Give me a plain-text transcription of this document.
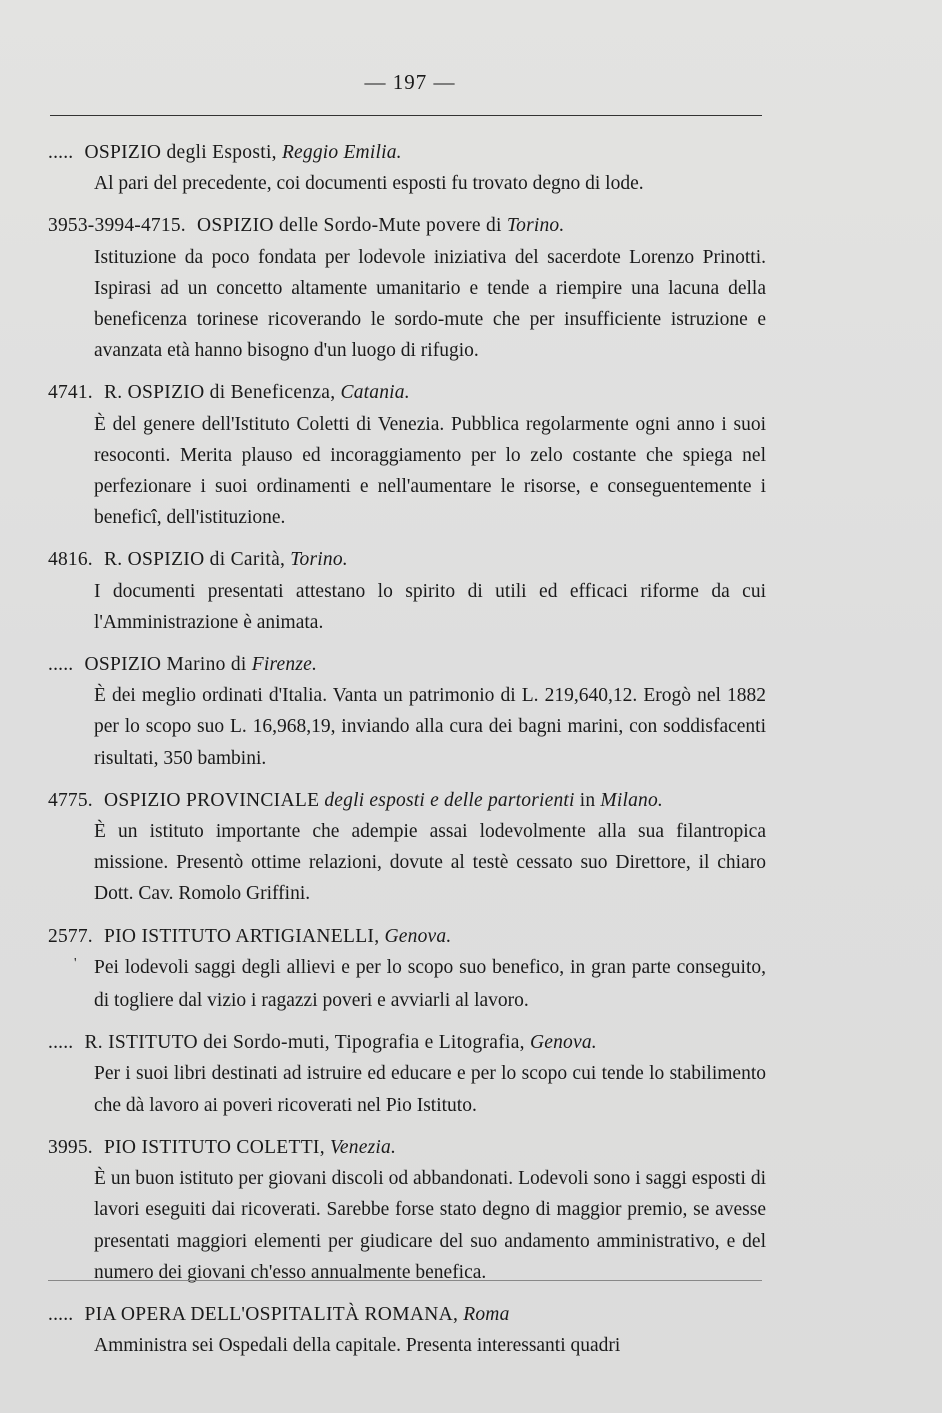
— 197 —
..... OSPIZIO degli Esposti, Reggio Emilia.
Al pari del precedente, coi documenti esposti fu trovato degno di lode.
3953-3994-4715. OSPIZIO delle Sordo-Mute povere di Torino.
Istituzione da poco fondata per lodevole iniziativa del sacerdote Lorenzo Prinotti. Ispirasi ad un concetto altamente umanitario e tende a riempire una lacuna della beneficenza torinese ricoverando le sordo-mute che per insufficiente istruzione e avanzata età hanno bisogno d'un luogo di rifugio.
4741. R. OSPIZIO di Beneficenza, Catania.
È del genere dell'Istituto Coletti di Venezia. Pubblica regolarmente ogni anno i suoi resoconti. Merita plauso ed incoraggiamento per lo zelo costante che spiega nel perfezionare i suoi ordinamenti e nell'aumentare le risorse, e conseguentemente i beneficî, dell'istituzione.
4816. R. OSPIZIO di Carità, Torino.
I documenti presentati attestano lo spirito di utili ed efficaci riforme da cui l'Amministrazione è animata.
..... OSPIZIO Marino di Firenze.
È dei meglio ordinati d'Italia. Vanta un patrimonio di L. 219,640,12. Erogò nel 1882 per lo scopo suo L. 16,968,19, inviando alla cura dei bagni marini, con soddisfacenti risultati, 350 bambini.
4775. OSPIZIO PROVINCIALE degli esposti e delle partorienti in Milano.
È un istituto importante che adempie assai lodevolmente alla sua filantropica missione. Presentò ottime relazioni, dovute al testè cessato suo Direttore, il chiaro Dott. Cav. Romolo Griffini.
2577. PIO ISTITUTO ARTIGIANELLI, Genova.
' Pei lodevoli saggi degli allievi e per lo scopo suo benefico, in gran parte conseguito, di togliere dal vizio i ragazzi poveri e avviarli al lavoro.
..... R. ISTITUTO dei Sordo-muti, Tipografia e Litografia, Genova.
Per i suoi libri destinati ad istruire ed educare e per lo scopo cui tende lo stabilimento che dà lavoro ai poveri ricoverati nel Pio Istituto.
3995. PIO ISTITUTO COLETTI, Venezia.
È un buon istituto per giovani discoli od abbandonati. Lodevoli sono i saggi esposti di lavori eseguiti dai ricoverati. Sarebbe forse stato degno di maggior premio, se avesse presentati maggiori elementi per giudicare del suo andamento amministrativo, e del numero dei giovani ch'esso annualmente benefica.
..... PIA OPERA DELL'OSPITALITÀ ROMANA, Roma
Amministra sei Ospedali della capitale. Presenta interessanti quadri
